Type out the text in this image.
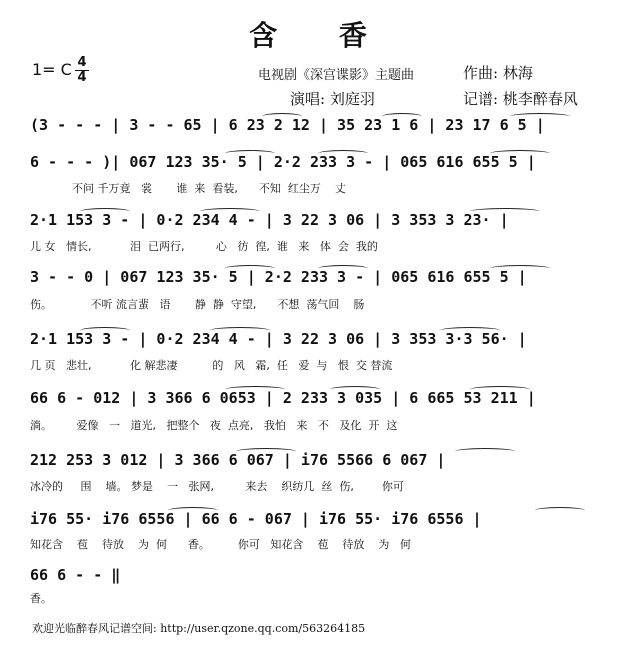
含 香
1= C 4
4	电视剧《深宫谍影》主题曲	作曲: 林海
演唱: 刘庭羽	记谱: 桃李醉春风
(3 - - - | 3 - - 65 | 6 23 2 12 | 35 23 1 6 | 23 17 6 5 |
6 - - - )| 067 123 35· 5 | 2·2 233 3 - | 065 616 655 5 |
不问 千万竟   裳       谁  来  看装,      不知  红尘万    丈
2·1 153 3 - | 0·2 234 4 - | 3 22 3 06 | 3 353 3 23· |
儿 女   情长,           泪  已两行,         心   彷  徨,  谁   来   体  会  我的
3 - - 0 | 067 123 35· 5 | 2·2 233 3 - | 065 616 655 5 |
伤。           不听 流言蜚   语       静  静  守望,      不想  荡气回    肠
2·1 153 3 - | 0·2 234 4 - | 3 22 3 06 | 3 353 3·3 56· |
几 页   悲壮,           化 解悲凄          的   风   霜,  任   爱  与   恨  交 替流
66 6 - 012 | 3 366 6 0653 | 2 233 3 035 | 6 665 53 211 |
淌。       爱像   一   道光,   把整个   夜  点亮,   我怕   来   不   及化  开  这
212 253 3 012 | 3 366 6 067 | i76 5566 6 067 |
冰冷的     围    墙。 梦是    一   张网,         来去    织纺几  丝  伤,        你可
i76 55· i76 6556 | 66 6 - 067 | i76 55· i76 6556 |
知花含    苞    待放    为  何      香。        你可   知花含    苞    待放    为   何
66 6 - - ‖
香。
欢迎光临醉春风记谱空间: http://user.qzone.qq.com/563264185
